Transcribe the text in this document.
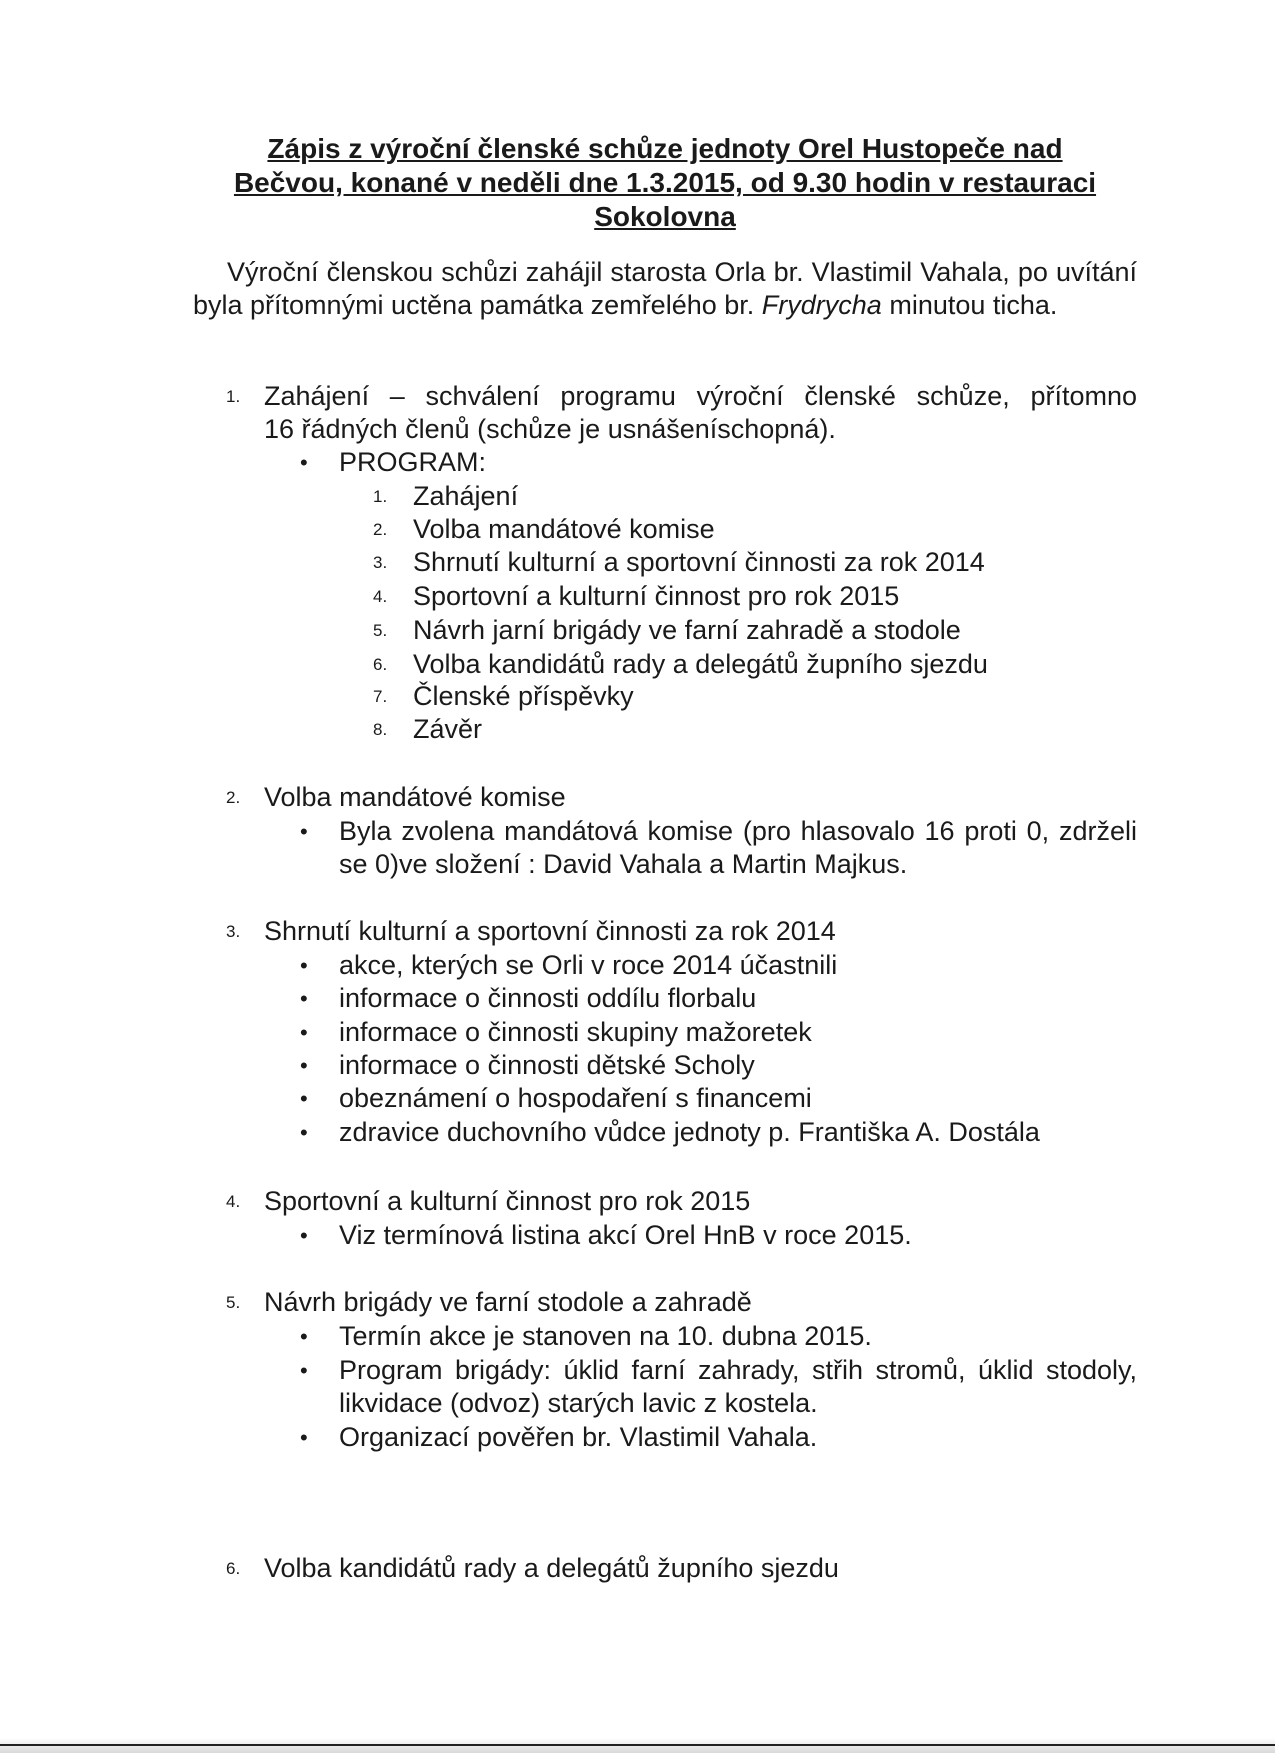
Zápis z výroční členské schůze jednoty Orel Hustopeče nad
Bečvou, konané v neděli dne 1.3.2015, od 9.30 hodin v restauraci
Sokolovna
Výroční členskou schůzi zahájil starosta Orla br. Vlastimil Vahala, po uvítání byla přítomnými uctěna památka zemřelého br. Frydrycha minutou ticha.
1. Zahájení – schválení programu výroční členské schůze, přítomno
16 řádných členů (schůze je usnášeníschopná).
• PROGRAM:
1. Zahájení
2. Volba mandátové komise
3. Shrnutí kulturní a sportovní činnosti za rok 2014
4. Sportovní a kulturní činnost pro rok 2015
5. Návrh jarní brigády ve farní zahradě a stodole
6. Volba kandidátů rady a delegátů župního sjezdu
7. Členské příspěvky
8. Závěr
2. Volba mandátové komise
• Byla zvolena mandátová komise (pro hlasovalo 16 proti 0, zdrželi se 0)ve složení : David Vahala a Martin Majkus.
3. Shrnutí kulturní a sportovní činnosti za rok 2014
• akce, kterých se Orli v roce 2014 účastnili
• informace o činnosti oddílu florbalu
• informace o činnosti skupiny mažoretek
• informace o činnosti dětské Scholy
• obeznámení o hospodaření s financemi
• zdravice duchovního vůdce jednoty p. Františka A. Dostála
4. Sportovní a kulturní činnost pro rok 2015
• Viz termínová listina akcí Orel HnB v roce 2015.
5. Návrh brigády ve farní stodole a zahradě
• Termín akce je stanoven na 10. dubna 2015.
• Program brigády: úklid farní zahrady, střih stromů, úklid stodoly, likvidace (odvoz) starých lavic z kostela.
• Organizací pověřen br. Vlastimil Vahala.
6. Volba kandidátů rady a delegátů župního sjezdu
